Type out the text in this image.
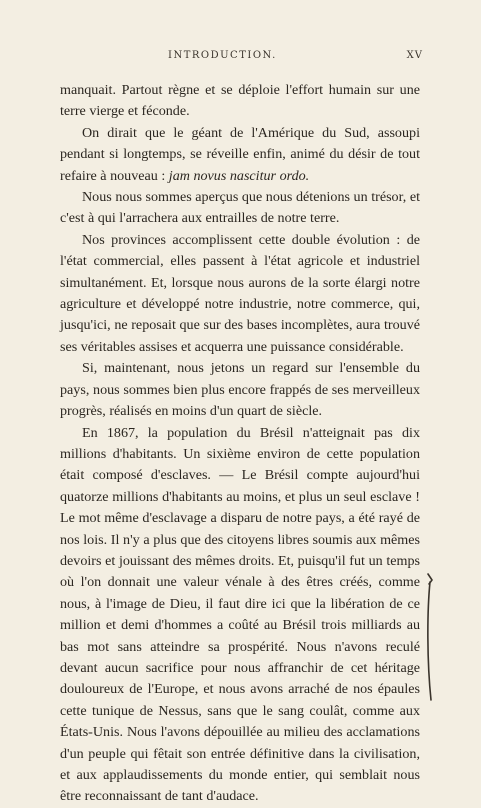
INTRODUCTION.	XV

manquait. Partout règne et se déploie l'effort humain sur une terre vierge et féconde.

On dirait que le géant de l'Amérique du Sud, assoupi pendant si longtemps, se réveille enfin, animé du désir de tout refaire à nouveau : jam novus nascitur ordo.

Nous nous sommes aperçus que nous détenions un trésor, et c'est à qui l'arrachera aux entrailles de notre terre.

Nos provinces accomplissent cette double évolution : de l'état commercial, elles passent à l'état agricole et industriel simultanément. Et, lorsque nous aurons de la sorte élargi notre agriculture et développé notre industrie, notre commerce, qui, jusqu'ici, ne reposait que sur des bases incomplètes, aura trouvé ses véritables assises et acquerra une puissance considérable.

Si, maintenant, nous jetons un regard sur l'ensemble du pays, nous sommes bien plus encore frappés de ses merveilleux progrès, réalisés en moins d'un quart de siècle.

En 1867, la population du Brésil n'atteignait pas dix millions d'habitants. Un sixième environ de cette population était composé d'esclaves. — Le Brésil compte aujourd'hui quatorze millions d'habitants au moins, et plus un seul esclave ! Le mot même d'esclavage a disparu de notre pays, a été rayé de nos lois. Il n'y a plus que des citoyens libres soumis aux mêmes devoirs et jouissant des mêmes droits. Et, puisqu'il fut un temps où l'on donnait une valeur vénale à des êtres créés, comme nous, à l'image de Dieu, il faut dire ici que la libération de ce million et demi d'hommes a coûté au Brésil trois milliards au bas mot sans atteindre sa prospérité. Nous n'avons reculé devant aucun sacrifice pour nous affranchir de cet héritage douloureux de l'Europe, et nous avons arraché de nos épaules cette tunique de Nessus, sans que le sang coulât, comme aux États-Unis. Nous l'avons dépouillée au milieu des acclamations d'un peuple qui fêtait son entrée définitive dans la civilisation, et aux applaudissements du monde entier, qui semblait nous être reconnaissant de tant d'audace.
